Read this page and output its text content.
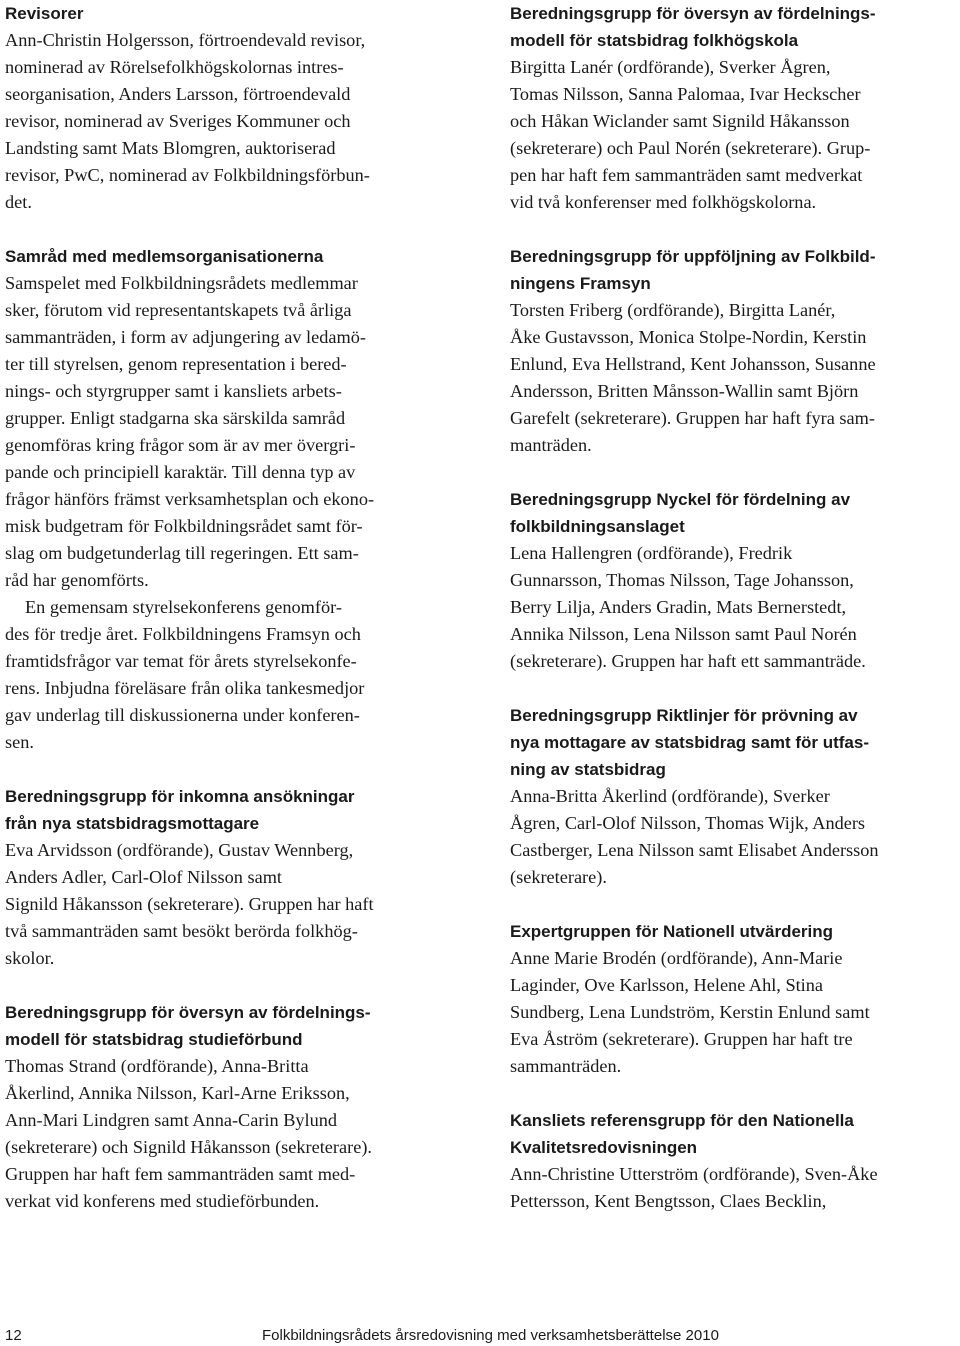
Revisorer

Ann-Christin Holgersson, förtroendevald revisor,
nominerad av Rörelsefolkhögskolornas intres-
seorganisation, Anders Larsson, förtroendevald
revisor, nominerad av Sveriges Kommuner och
Landsting samt Mats Blomgren, auktoriserad
revisor, PwC, nominerad av Folkbildningsförbun-
det.

Samråd med medlemsorganisationerna

Samspelet med Folkbildningsrådets medlemmar
sker, förutom vid representantskapets två årliga
sammanträden, i form av adjungering av ledamö-
ter till styrelsen, genom representation i bered-
nings- och styrgrupper samt i kansliets arbets-
grupper. Enligt stadgarna ska särskilda samråd
genomföras kring frågor som är av mer övergri-
pande och principiell karaktär. Till denna typ av
frågor hänförs främst verksamhetsplan och ekono-
misk budgetram för Folkbildningsrådet samt för-
slag om budgetunderlag till regeringen. Ett sam-
råd har genomförts.
En gemensam styrelsekonferens genomför-
des för tredje året. Folkbildningens Framsyn och
framtidsfrågor var temat för årets styrelsekonfe-
rens. Inbjudna föreläsare från olika tankesmedjor
gav underlag till diskussionerna under konferen-
sen.

Beredningsgrupp för inkomna ansökningar
från nya statsbidragsmottagare

Eva Arvidsson (ordförande), Gustav Wennberg,
Anders Adler, Carl-Olof Nilsson samt
Signild Håkansson (sekreterare). Gruppen har haft
två sammanträden samt besökt berörda folkhög-
skolor.

Beredningsgrupp för översyn av fördelnings-
modell för statsbidrag studieförbund

Thomas Strand (ordförande), Anna-Britta
Åkerlind, Annika Nilsson, Karl-Arne Eriksson,
Ann-Mari Lindgren samt Anna-Carin Bylund
(sekreterare) och Signild Håkansson (sekreterare).
Gruppen har haft fem sammanträden samt med-
verkat vid konferens med studieförbunden.

Beredningsgrupp för översyn av fördelnings-
modell för statsbidrag folkhögskola

Birgitta Lanér (ordförande), Sverker Ågren,
Tomas Nilsson, Sanna Palomaa, Ivar Heckscher
och Håkan Wiclander samt Signild Håkansson
(sekreterare) och Paul Norén (sekreterare). Grup-
pen har haft fem sammanträden samt medverkat
vid två konferenser med folkhögskolorna.

Beredningsgrupp för uppföljning av Folkbild-
ningens Framsyn

Torsten Friberg (ordförande), Birgitta Lanér,
Åke Gustavsson, Monica Stolpe-Nordin, Kerstin
Enlund, Eva Hellstrand, Kent Johansson, Susanne
Andersson, Britten Månsson-Wallin samt Björn
Garefelt (sekreterare). Gruppen har haft fyra sam-
manträden.

Beredningsgrupp Nyckel för fördelning av
folkbildningsanslaget

Lena Hallengren (ordförande), Fredrik
Gunnarsson, Thomas Nilsson, Tage Johansson,
Berry Lilja, Anders Gradin, Mats Bernerstedt,
Annika Nilsson, Lena Nilsson samt Paul Norén
(sekreterare). Gruppen har haft ett sammanträde.

Beredningsgrupp Riktlinjer för prövning av
nya mottagare av statsbidrag samt för utfas-
ning av statsbidrag

Anna-Britta Åkerlind (ordförande), Sverker
Ågren, Carl-Olof Nilsson, Thomas Wijk, Anders
Castberger, Lena Nilsson samt Elisabet Andersson
(sekreterare).

Expertgruppen för Nationell utvärdering

Anne Marie Brodén (ordförande), Ann-Marie
Laginder, Ove Karlsson, Helene Ahl, Stina
Sundberg, Lena Lundström, Kerstin Enlund samt
Eva Åström (sekreterare). Gruppen har haft tre
sammanträden.

Kansliets referensgrupp för den Nationella
Kvalitetsredovisningen

Ann-Christine Utterström (ordförande), Sven-Åke
Pettersson, Kent Bengtsson, Claes Becklin,

12	Folkbildningsrådets årsredovisning med verksamhetsberättelse 2010
